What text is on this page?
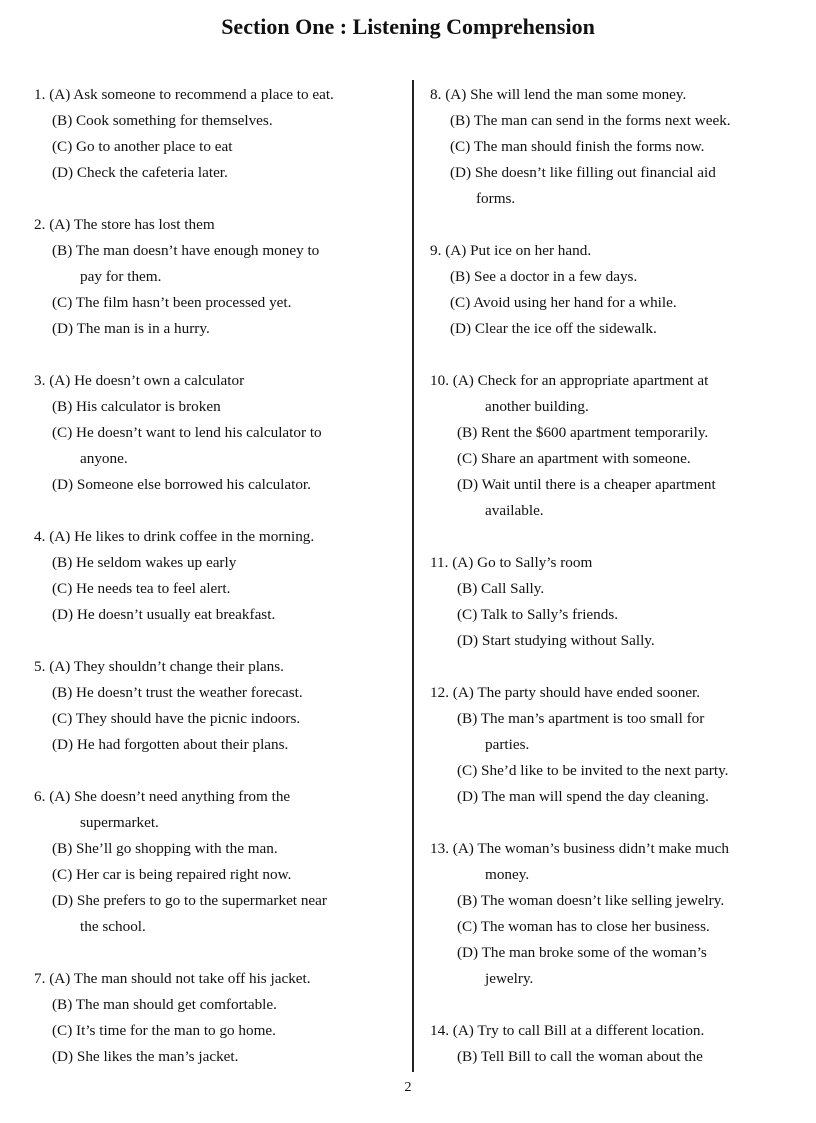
Section One : Listening Comprehension
1. (A) Ask someone to recommend a place to eat.
(B) Cook something for themselves.
(C) Go to another place to eat
(D) Check the cafeteria later.
2. (A) The store has lost them
(B) The man doesn’t have enough money to
pay for them.
(C) The film hasn’t been processed yet.
(D) The man is in a hurry.
3. (A) He doesn’t own a calculator
(B) His calculator is broken
(C) He doesn’t want to lend his calculator to
anyone.
(D) Someone else borrowed his calculator.
4. (A) He likes to drink coffee in the morning.
(B) He seldom wakes up early
(C) He needs tea to feel alert.
(D) He doesn’t usually eat breakfast.
5. (A) They shouldn’t change their plans.
(B) He doesn’t trust the weather forecast.
(C) They should have the picnic indoors.
(D) He had forgotten about their plans.
6. (A) She doesn’t need anything from the
supermarket.
(B) She’ll go shopping with the man.
(C) Her car is being repaired right now.
(D) She prefers to go to the supermarket near
the school.
7. (A) The man should not take off his jacket.
(B) The man should get comfortable.
(C) It’s time for the man to go home.
(D) She likes the man’s jacket.
8. (A) She will lend the man some money.
(B) The man can send in the forms next week.
(C) The man should finish the forms now.
(D) She doesn’t like filling out financial aid
forms.
9. (A) Put ice on her hand.
(B) See a doctor in a few days.
(C) Avoid using her hand for a while.
(D) Clear the ice off the sidewalk.
10. (A) Check for an appropriate apartment at
another building.
(B) Rent the $600 apartment temporarily.
(C) Share an apartment with someone.
(D) Wait until there is a cheaper apartment
available.
11. (A) Go to Sally’s room
(B) Call Sally.
(C) Talk to Sally’s friends.
(D) Start studying without Sally.
12. (A) The party should have ended sooner.
(B) The man’s apartment is too small for
parties.
(C) She’d like to be invited to the next party.
(D) The man will spend the day cleaning.
13. (A) The woman’s business didn’t make much
money.
(B) The woman doesn’t like selling jewelry.
(C) The woman has to close her business.
(D) The man broke some of the woman’s
jewelry.
14. (A) Try to call Bill at a different location.
(B) Tell Bill to call the woman about the
2
